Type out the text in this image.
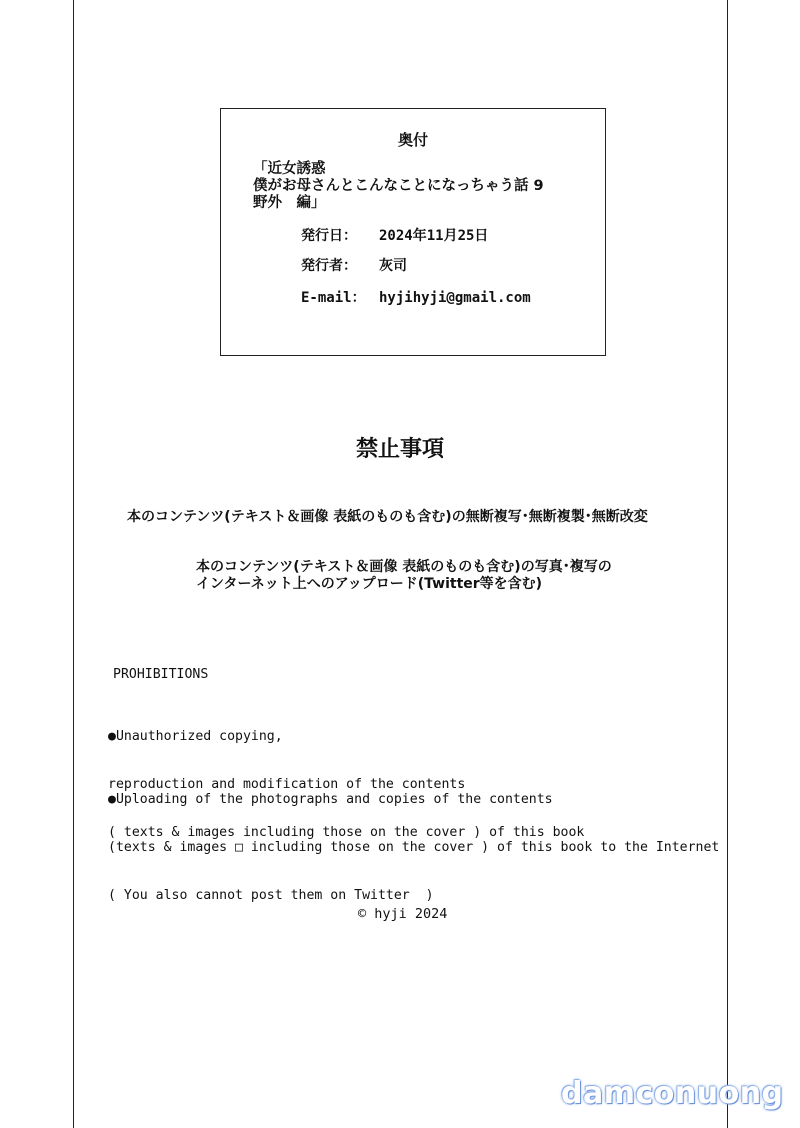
奥付
「近女誘惑
僕がお母さんとこんなことになっちゃう話 9
野外　編」
発行日： 2024年11月25日
発行者： 灰司
E-mail： hyjihyji@gmail.com
禁止事項
本のコンテンツ(テキスト＆画像 表紙のものも含む)の無断複写･無断複製･無断改変
本のコンテンツ(テキスト＆画像 表紙のものも含む)の写真･複写の
インターネット上へのアップロード(Twitter等を含む)
PROHIBITIONS

●Unauthorized copying,

reproduction and modification of the contents

( texts & images including those on the cover ) of this book

●Uploading of the photographs and copies of the contents

(texts & images □ including those on the cover ) of this book to the Internet

( You also cannot post them on Twitter  )

© hyji 2024
damconuong
